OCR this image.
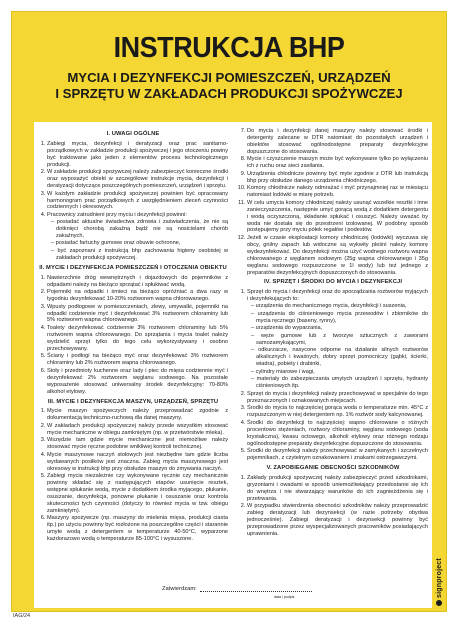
INSTRUKCJA BHP
MYCIA I DEZYNFEKCJI POMIESZCZEŃ, URZĄDZEŃ
I SPRZĘTU W ZAKŁADACH PRODUKCJI SPOŻYWCZEJ
I. UWAGI OGÓLNE
1. Zabiegi mycia, dezynfekcji i deratyzacji oraz prac sanitarno-porządkowych w zakładzie produkcji spożywczej i jego otoczeniu powiny być traktowane jako jeden z elementów procesu technologicznego produkcji.
2. W zakładzie produkcji spożywczej należy zabezpieczyć konieczne środki oraz wyposażyć obiekt w szczegółowe instrukcje mycia, dezynfekcji i deratyzacji dotyczące poszczególnych pomieszczeń, urządzeń i sprzętu.
3. W każdym zakładzie produkcji spożywczej powinien być opracowany harmonogram prac porządkowych z uwzględnieniem zleceń czynności codziennych i okresowych.
4. Pracownicy zatrudnieni przy myciu i dezynfekcji powinni:
– posiadać aktualne świadectwa zdrowia i zaświadczenia, że nie są dotknięci chorobą zakaźną bądź nie są nosicielami chorób zakaźnych,
– posiadać fartuchy gumowe oraz obuwie ochronne,
– być zapoznani z instrukcją bhp zachowania higieny osobistej w zakładach produkcji spożywczej.
II. MYCIE I DEZYNFEKCJA POMIESZCZEŃ I OTOCZENIA OBIEKTU
1. Nawierzchnie dróg wewnętrznych i dojazdowych do pojemników z odpadami należy na bieżąco sprzątać i spłukiwać wodą.
2. Pojemniki na odpadki i śmieci na bieżąco opróżniać a dwa razy w tygodniu dezynfekować 10-20% roztworem wapna chlorowanego.
3. Wpusty podłogowe w pomieszczeniach, zlewy, umywalki, pojemniki na odpadki codziennie myć i dezynfekować 3% roztworem chloraminy lub 5% roztworem wapna chlorowanego.
4. Toalety dezynfekować codziennie 3% roztworem chloraminy lub 5% roztworem wapna chlorowanego. Do sprzątania i mycia toalet należy wydzielić sprzęt tylko do tego celu wykorzystywany i osobno przechowywany.
5. Ściany i podłogi na bieżąco myć oraz dezynfekować 3% roztworem chloraminy lub 2% roztworem wapna chlorowanego.
6. Stoły i przedmioty kuchenne oraz lady i piec do mięsa codziennie myć i dezynfekować 2% roztworem węglanu sodowego. Na pozostałe wyposażenie stosować uniwersalny środek dezynfekcyjny: 70-80% alkohol etylowy.
III. MYCIE I DEZYNFEKCJA MASZYN, URZĄDZEŃ, SPRZĘTU
1. Mycie maszyn spożywczych należy przeprowadzać zgodnie z dokumentacją techniczno-ruchową dla danej maszyny.
2. W zakładach produkcji spożywczej należy przede wszystkim stosować mycie mechaniczne w obiegu zamkniętym (np. w przetwórstwie mleka).
3. Wszędzie tam gdzie mycie mechaniczne jest niemożliwe należy stosować mycie ręczne podobne wnikliwej kontroli technicznej.
4. Mycie maszynowe naczyń stołowych jest niezbędne tam gdzie liczba wydawanych posiłków jest znaczna. Zabieg mycia maszynowego jest okresowy w instrukcji bhp przy obsłudze maszyn do zmywania naczyń.
5. Zabiegi mycia niezależnie czy wykonywane ręcznie czy mechanicznie powinny składać się z następujących etapów: usunięcie resztek, wstępne spłukanie wodą, mycie z dodatkiem środka myjącego, płukanie, osuszanie, dezynfekcja, ponowne płukanie i osuszanie oraz kontrola skuteczności tych czynności (dotyczy to również mycia w tzw. obiegu zamkniętym).
6. Maszyny spożywcze (np. maszyny do mielenia mięsa, produkcji ciasta itp.) po użyciu powinny być rozłożone na poszczególne części i starannie umyte wodą z detergentem w temperaturze 40-50°C, wyparzone każdorazowo wodą o temperaturze 85-100°C i wysuszone.
7. Do mycia i dezynfekcji danej maszyny należy stosować środki i detergenty zalecane w DTR natomiast do pozostałych urządzeń i obiektów stosować ogólnodostępne preparaty dezynfekcyjne dopuszczone do stosowania.
8. Mycie i czyszczenie maszyn może być wykonywane tylko po wyłączeniu ich z ruchu oraz sieci zasilania.
9. Urządzenia chłodnicze powinny być myte zgodnie z DTR lub instrukcją bhp przy obsłudze danego urządzenia chłodniczego.
10. Komory chłodnicze należy odmrażać i myć przynajmniej raz w miesiącu natomiast lodówki w miarę potrzeb.
11. W celu umycia komory chłodniczej należy usunąć wszelkie resztki i inne zanieczyszczenia, następnie umyć gorącą wodą z dodatkiem detergentu i wodą oczyszczoną, składanie spłukać i osuszyć. Należy uważać by woda nie dostała się do przestrzeni izolowanej. W podobny sposób postępujemy przy myciu półek regałów i podestów.
12. Jeżeli w czasie eksploatacji komory chłodniczej (lodówki) wyczuwa się obcy, gnilny zapach lub widoczne są wykwity pleśni należy komorę wydezynfekować. Do dezynfekcji można użyć wodnego roztworu wapna chlorowanego z węglanem sodowym (25g wapna chlorowanego i 35g węglanu sodowego rozpuszczone w 1l wody) lub też jednego z preparatów dezynfekcyjnych dopuszczonych do stosowania.
IV. SPRZĘT I ŚRODKI DO MYCIA I DEZYNFEKCJI
1. Sprzęt do mycia i dezynfekcji oraz do sporządzania roztworów myjących i dezynfekujących to:
– urządzenia do mechanicznego mycia, dezynfekcji i suszenia,
– urządzenia do ciśnieniowego mycia przewodów i zbiorników do mycia ręcznego (baseny, rynny),
– urządzenia do wyparzania,
– węże gumowe lub z tworzyw sztucznych z zaworami samozamykającymi,
– odkurzacze, nasycone odporne na działanie silnych roztworów alkalicznych i kwaśnych, dobry sprzęt pomocniczy (gąbki, ścierki, wiadra), pobiety i drabinki,
– cylindry miarowe i wagi,
– materiały do zabezpieczania umytych urządzeń i sprzętu, hydranty ciśnieniowych itp.
2. Sprzęt do mycia i dezynfekcji należy przechowywać w specjalnie do tego przeznaczonych i oznakowanych miejscach.
3. Środki do mycia to najczęściej gorąca woda o temperaturze min. 45°C z rozpuszczonym w niej detergentem np. 1% roztwór sody kalcynowanej.
4. Środki do dezynfekcji to najczęściej: wapno chlorowane o różnych procentowo stężeniach, roztwory chloraminy, węglanu sodowego (soda krystaliczna), kwasu octowego, alkoholi etylowy oraz różnego rodzaju ogólnodostępne preparaty dezynfekcyjne dopuszczone do stosowania.
5. Środki do dezynfekcji należy przechowywać w zamykanych i szczelnych pojemnikach, z czytelnym oznakowaniem i znakami ostrzegawczymi.
V. ZAPOBIEGANIE OBECNOŚCI SZKODNIKÓW
1. Zakłady produkcji spożywczej należy zabezpieczyć przed szkodnikami, gryzoniami i owadami w sposób uniemożliwiający przedostanie się ich do wnętrza i nie stwarzający warunków do ich zagnieżdżenia się i przetrwania.
2. W przypadku stwierdzenia obecności szkodników należy przeprowadzić zabieg deratyzacji lub dezynsekcji (w razie potrzeby obydwa jednocześnie). Zabiegi deratyzacji i dezynsekcji powinny być przeprowadzone przez wyspecjalizowanych pracowników posiadających uprawnienia.
Zatwierdzam:
data i podpis	signproject
IAG/24
